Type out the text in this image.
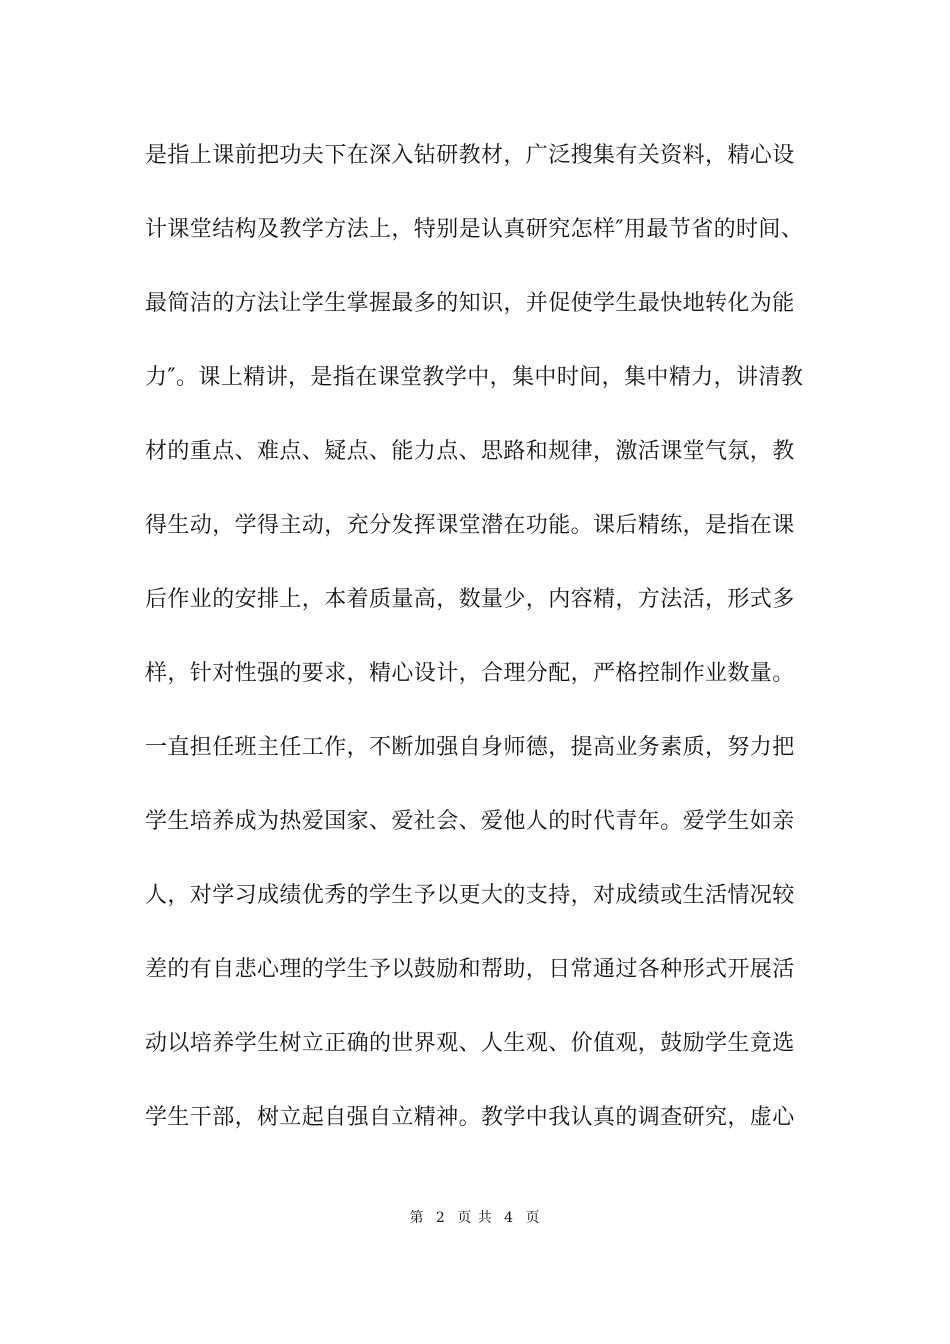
是指上课前把功夫下在深入钻研教材，广泛搜集有关资料，精心设
计课堂结构及教学方法上，特别是认真研究怎样″用最节省的时间、
最简洁的方法让学生掌握最多的知识，并促使学生最快地转化为能
力″。课上精讲，是指在课堂教学中，集中时间，集中精力，讲清教
材的重点、难点、疑点、能力点、思路和规律，激活课堂气氛，教
得生动，学得主动，充分发挥课堂潜在功能。课后精练，是指在课
后作业的安排上，本着质量高，数量少，内容精，方法活，形式多
样，针对性强的要求，精心设计，合理分配，严格控制作业数量。
一直担任班主任工作，不断加强自身师德，提高业务素质，努力把
学生培养成为热爱国家、爱社会、爱他人的时代青年。爱学生如亲
人，对学习成绩优秀的学生予以更大的支持，对成绩或生活情况较
差的有自悲心理的学生予以鼓励和帮助，日常通过各种形式开展活
动以培养学生树立正确的世界观、人生观、价值观，鼓励学生竟选
学生干部，树立起自强自立精神。教学中我认真的调查研究，虚心
第 2 页 共 4 页
